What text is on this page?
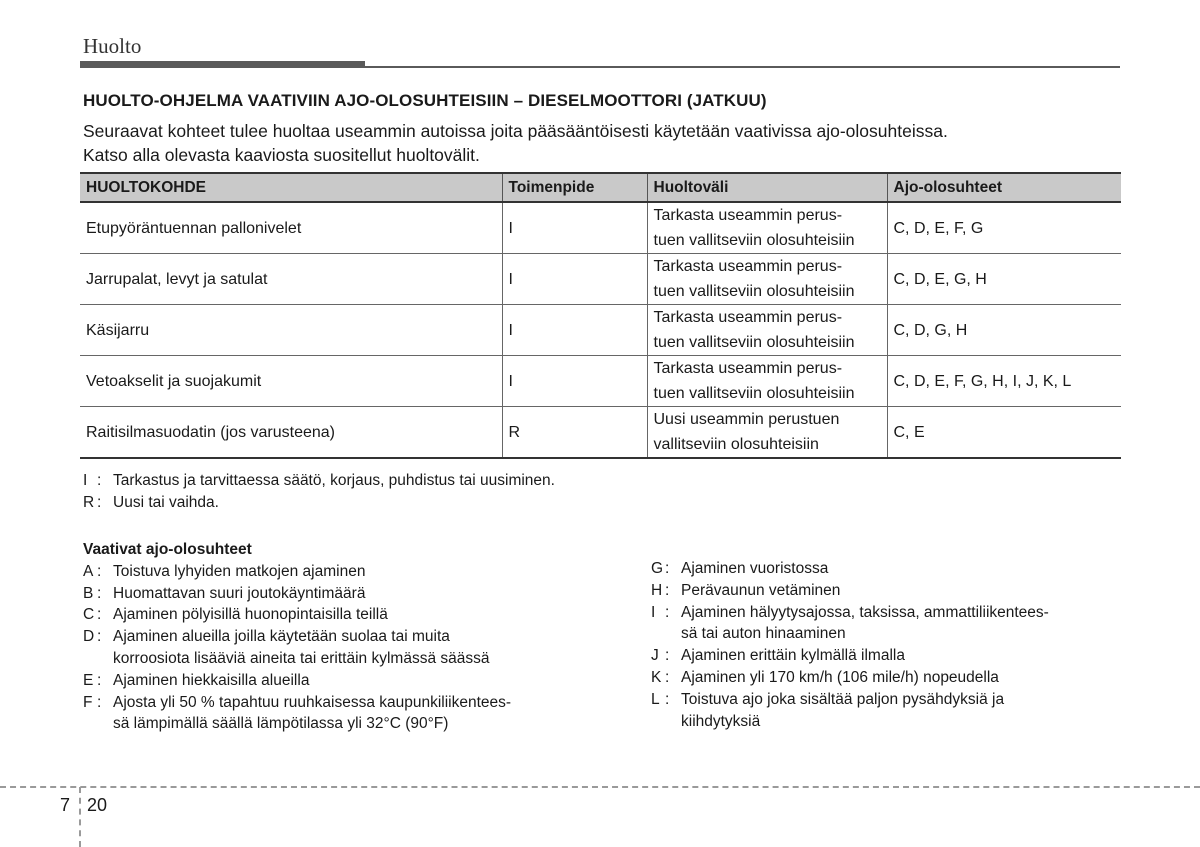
Huolto
HUOLTO-OHJELMA VAATIVIIN AJO-OLOSUHTEISIIN – DIESELMOOTTORI (JATKUU)
Seuraavat kohteet tulee huoltaa useammin autoissa joita pääsääntöisesti käytetään vaativissa ajo-olosuhteissa.
Katso alla olevasta kaaviosta suositellut huoltovälit.
HUOLTOKOHDE	Toimenpide	Huoltoväli	Ajo-olosuhteet
Etupyöräntuennan pallonivelet	I	Tarkasta useammin perus-
tuen vallitseviin olosuhteisiin	C, D, E, F, G
Jarrupalat, levyt ja satulat	I	Tarkasta useammin perus-
tuen vallitseviin olosuhteisiin	C, D, E, G, H
Käsijarru	I	Tarkasta useammin perus-
tuen vallitseviin olosuhteisiin	C, D, G, H
Vetoakselit ja suojakumit	I	Tarkasta useammin perus-
tuen vallitseviin olosuhteisiin	C, D, E, F, G, H, I, J, K, L
Raitisilmasuodatin (jos varusteena)	R	Uusi useammin perustuen
vallitseviin olosuhteisiin	C, E
I : Tarkastus ja tarvittaessa säätö, korjaus, puhdistus tai uusiminen.
R : Uusi tai vaihda.
Vaativat ajo-olosuhteet
A : Toistuva lyhyiden matkojen ajaminen
B : Huomattavan suuri joutokäyntimäärä
C : Ajaminen pölyisillä huonopintaisilla teillä
D : Ajaminen alueilla joilla käytetään suolaa tai muita
korroosiota lisääviä aineita tai erittäin kylmässä säässä
E : Ajaminen hiekkaisilla alueilla
F : Ajosta yli 50 % tapahtuu ruuhkaisessa kaupunkiliikentees-
sä lämpimällä säällä lämpötilassa yli 32°C (90°F)
G : Ajaminen vuoristossa
H : Perävaunun vetäminen
I : Ajaminen hälyytysajossa, taksissa, ammattiliikentees-
sä tai auton hinaaminen
J : Ajaminen erittäin kylmällä ilmalla
K : Ajaminen yli 170 km/h (106 mile/h) nopeudella
L : Toistuva ajo joka sisältää paljon pysähdyksiä ja
kiihdytyksiä
7 20
